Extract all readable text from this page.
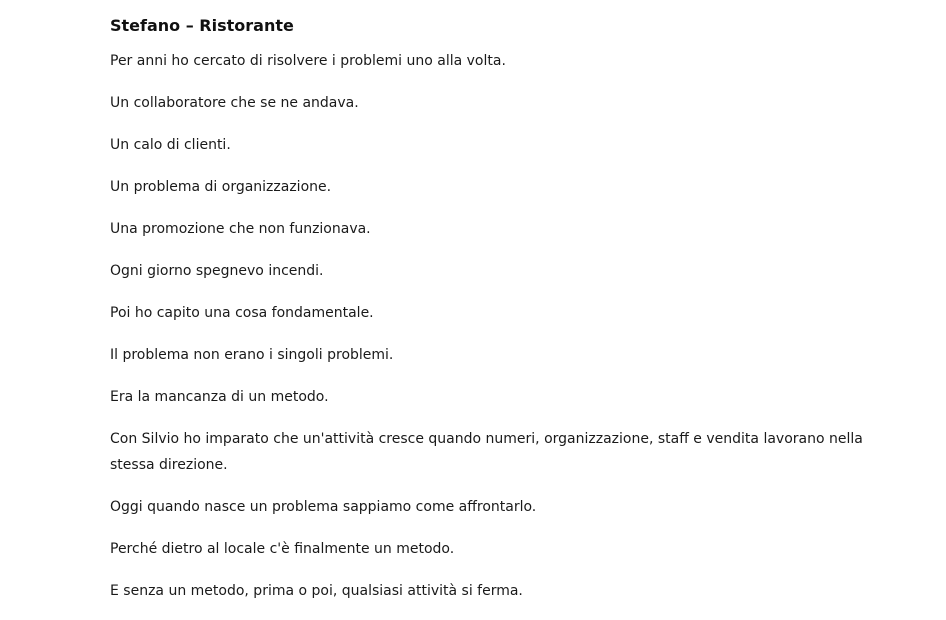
Stefano – Ristorante

Per anni ho cercato di risolvere i problemi uno alla volta.

Un collaboratore che se ne andava.

Un calo di clienti.

Un problema di organizzazione.

Una promozione che non funzionava.

Ogni giorno spegnevo incendi.

Poi ho capito una cosa fondamentale.

Il problema non erano i singoli problemi.

Era la mancanza di un metodo.

Con Silvio ho imparato che un'attività cresce quando numeri, organizzazione, staff e vendita lavorano nella stessa direzione.

Oggi quando nasce un problema sappiamo come affrontarlo.

Perché dietro al locale c'è finalmente un metodo.

E senza un metodo, prima o poi, qualsiasi attività si ferma.
